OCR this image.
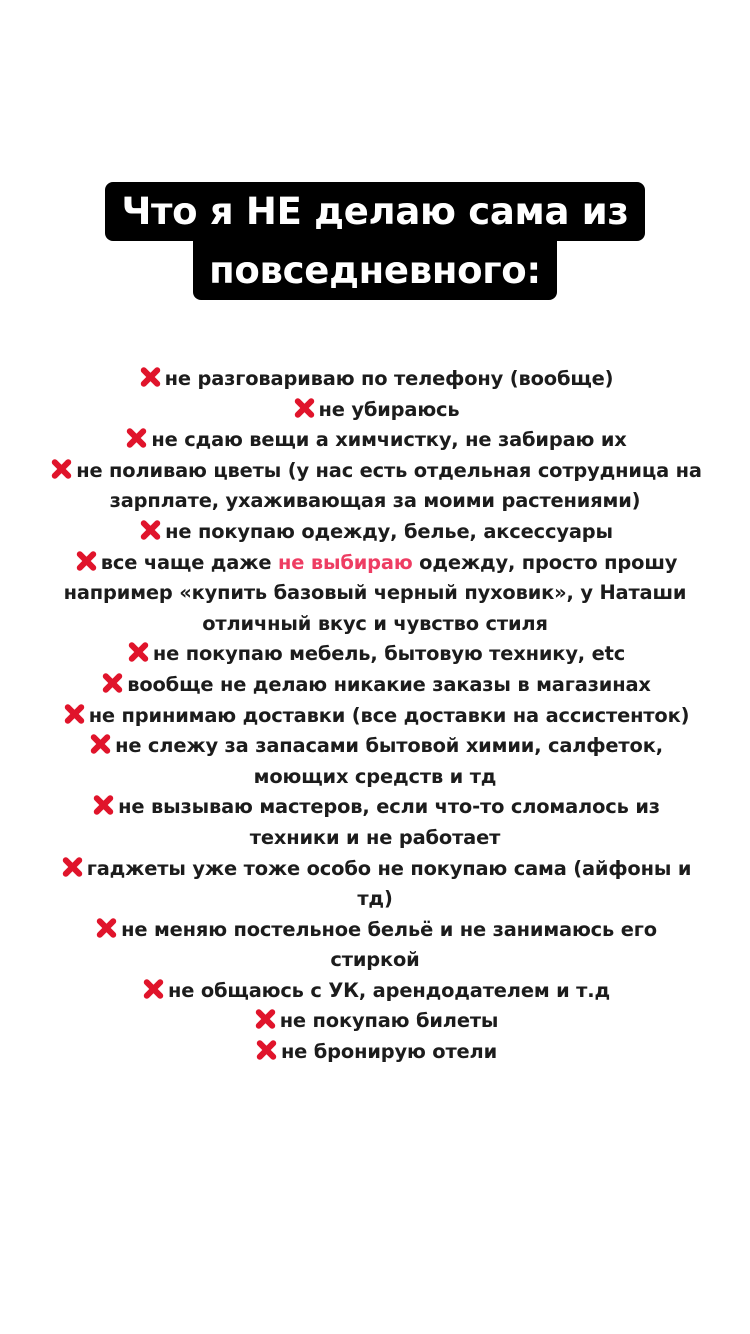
Что я НЕ делаю сама из
повседневного:
не разговариваю по телефону (вообще)
не убираюсь
не сдаю вещи а химчистку, не забираю их
не поливаю цветы (у нас есть отдельная сотрудница на
зарплате, ухаживающая за моими растениями)
не покупаю одежду, белье, аксессуары
все чаще даже не выбираю одежду, просто прошу
например «купить базовый черный пуховик», у Наташи
отличный вкус и чувство стиля
не покупаю мебель, бытовую технику, etc
вообще не делаю никакие заказы в магазинах
не принимаю доставки (все доставки на ассистенток)
не слежу за запасами бытовой химии, салфеток,
моющих средств и тд
не вызываю мастеров, если что-то сломалось из
техники и не работает
гаджеты уже тоже особо не покупаю сама (айфоны и
тд)
не меняю постельное бельё и не занимаюсь его
стиркой
не общаюсь с УК, арендодателем и т.д
не покупаю билеты
не бронирую отели
